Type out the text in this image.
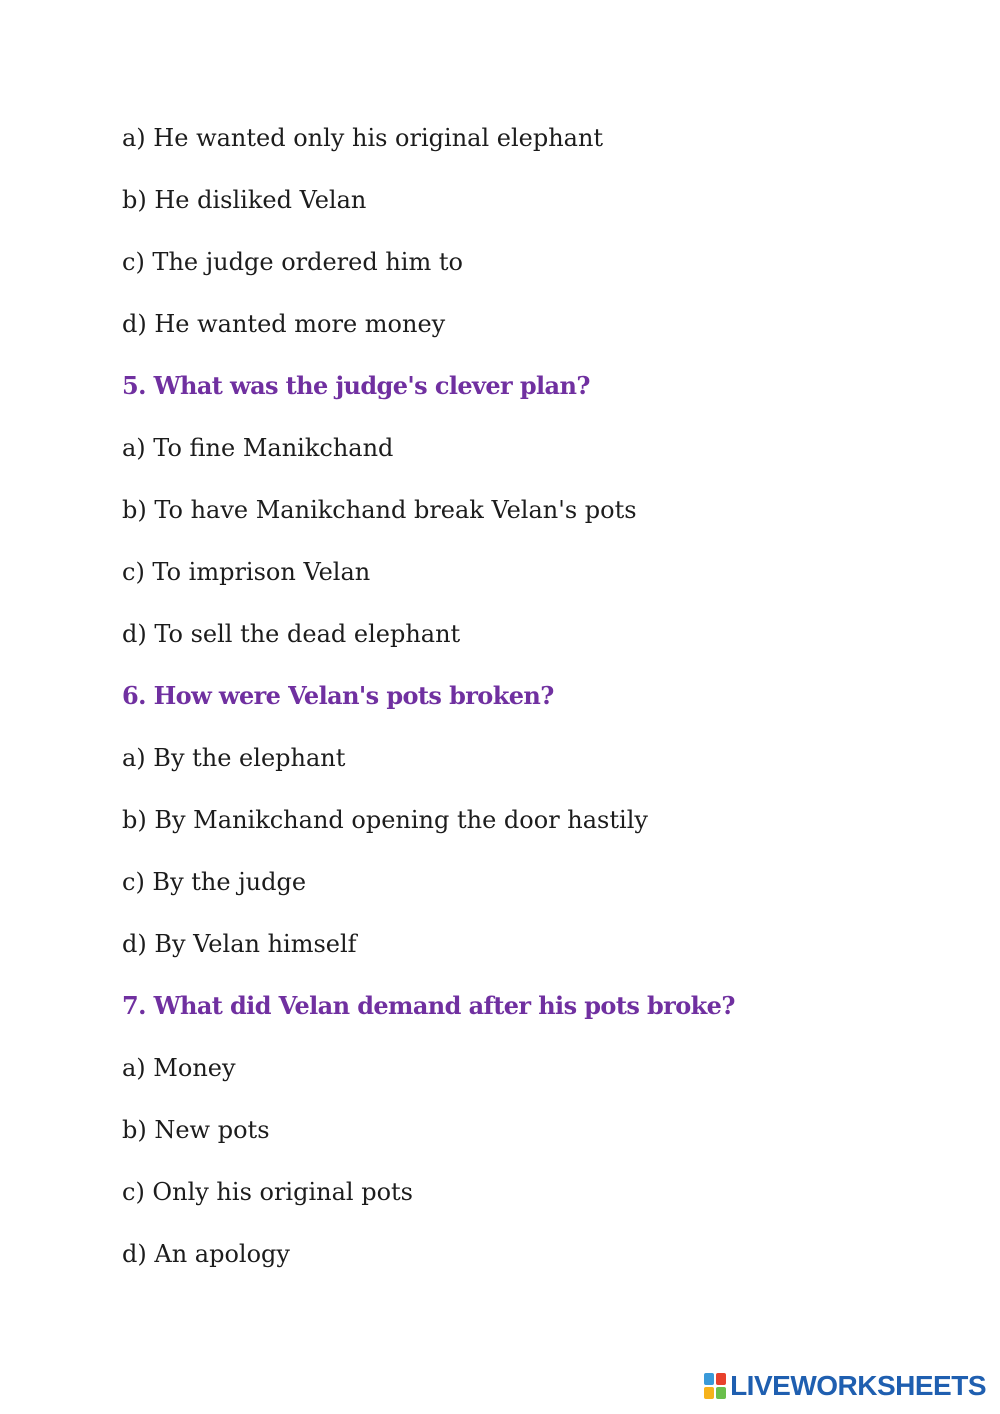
a) He wanted only his original elephant
b) He disliked Velan
c) The judge ordered him to
d) He wanted more money
5. What was the judge's clever plan?
a) To fine Manikchand
b) To have Manikchand break Velan's pots
c) To imprison Velan
d) To sell the dead elephant
6. How were Velan's pots broken?
a) By the elephant
b) By Manikchand opening the door hastily
c) By the judge
d) By Velan himself
7. What did Velan demand after his pots broke?
a) Money
b) New pots
c) Only his original pots
d) An apology
LIVEWORKSHEETS
